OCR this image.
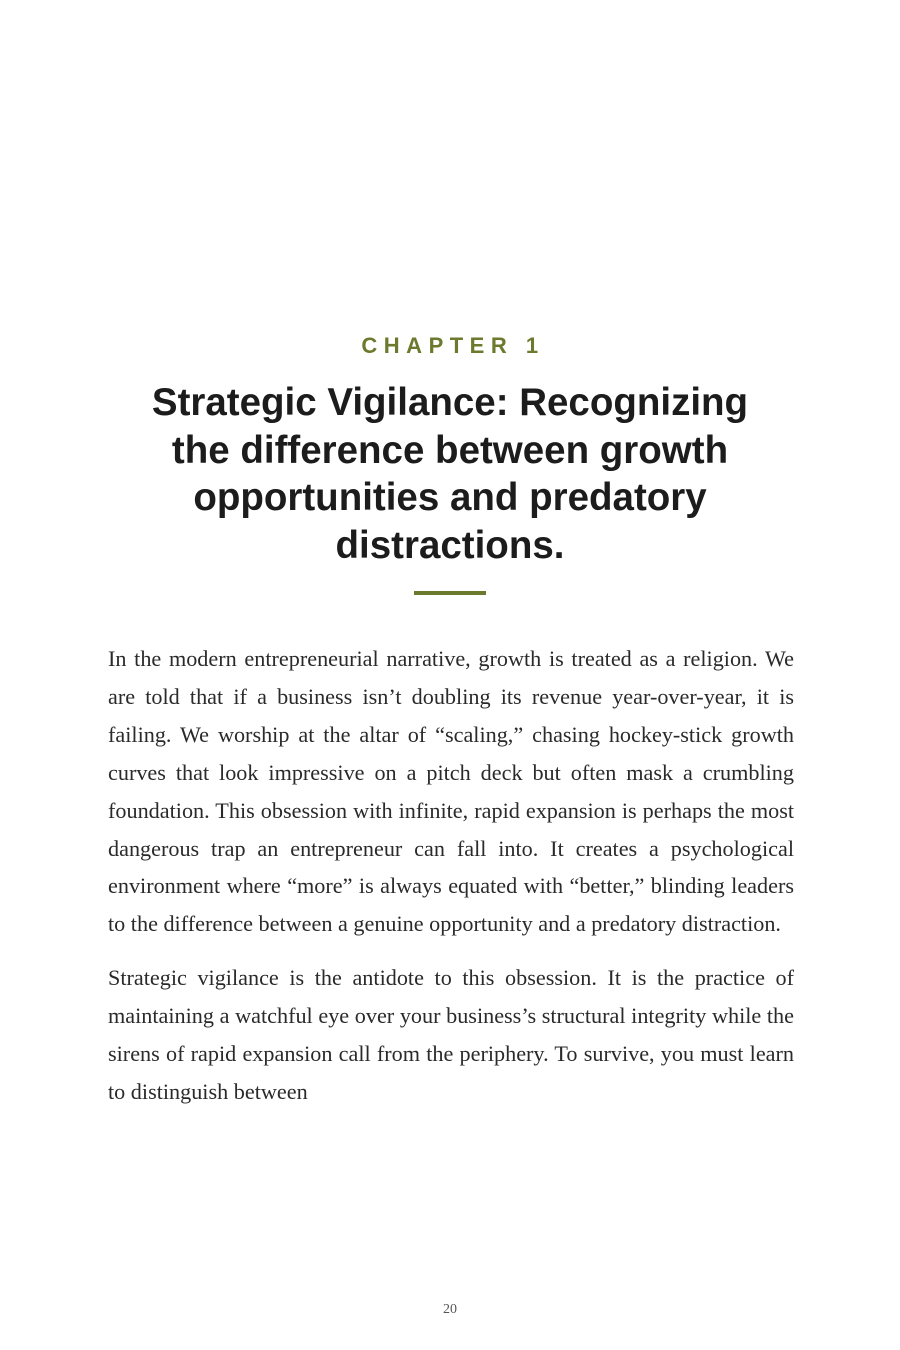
CHAPTER 1
Strategic Vigilance: Recognizing the difference between growth opportunities and predatory distractions.

In the modern entrepreneurial narrative, growth is treated as a religion. We are told that if a business isn’t doubling its revenue year-over-year, it is failing. We worship at the altar of “scaling,” chasing hockey-stick growth curves that look impressive on a pitch deck but often mask a crumbling foundation. This obsession with infinite, rapid expansion is perhaps the most dangerous trap an entrepreneur can fall into. It creates a psychological environment where “more” is always equated with “better,” blinding leaders to the difference between a genuine opportunity and a predatory distraction.

Strategic vigilance is the antidote to this obsession. It is the practice of maintaining a watchful eye over your business’s structural integrity while the sirens of rapid expansion call from the periphery. To survive, you must learn to distinguish between

20
